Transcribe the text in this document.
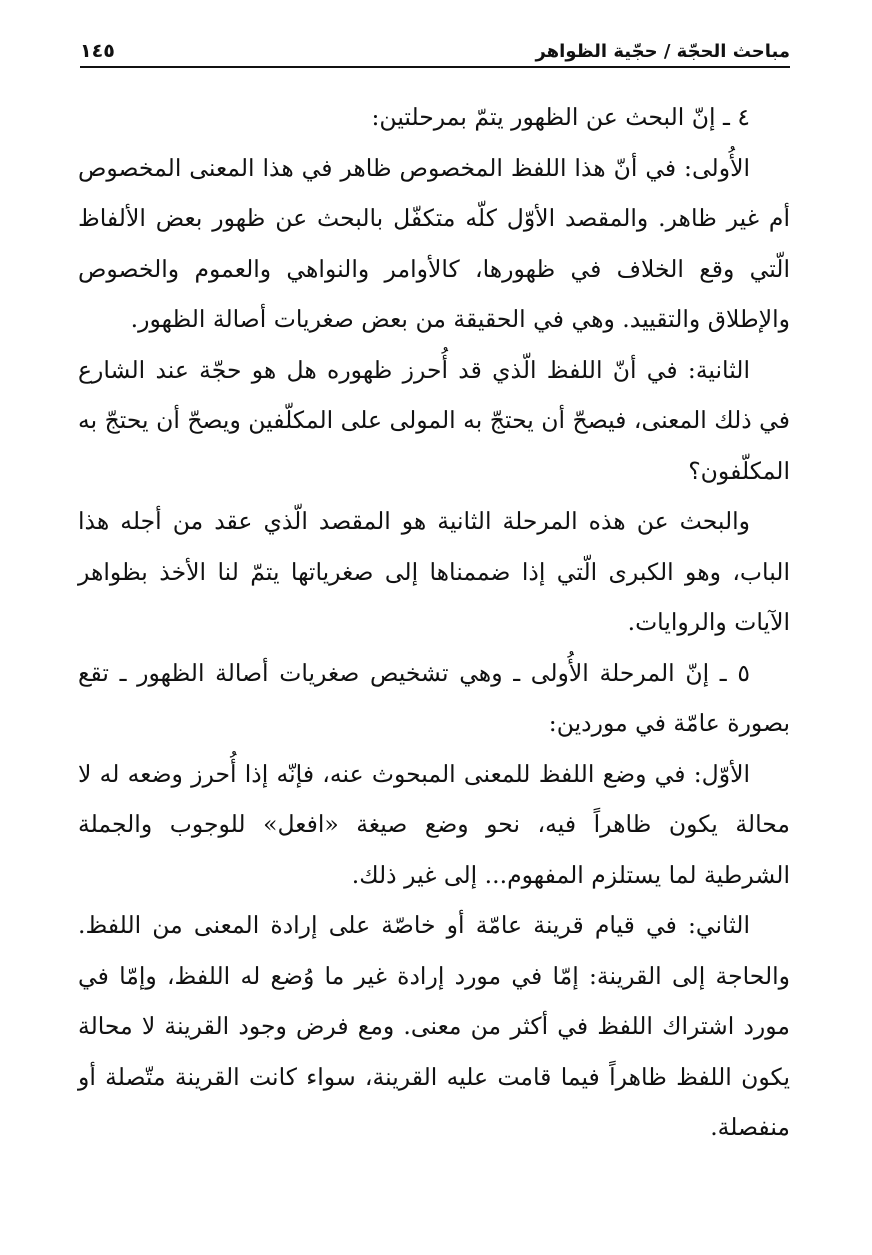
مباحث الحجّة / حجّية الظواهر
١٤٥

٤ ـ إنّ البحث عن الظهور يتمّ بمرحلتين:

الأُولى: في أنّ هذا اللفظ المخصوص ظاهر في هذا المعنى المخصوص أم غير ظاهر. والمقصد الأوّل كلّه متكفّل بالبحث عن ظهور بعض الألفاظ الّتي وقع الخلاف في ظهورها، كالأوامر والنواهي والعموم والخصوص والإطلاق والتقييد. وهي في الحقيقة من بعض صغريات أصالة الظهور.

الثانية: في أنّ اللفظ الّذي قد أُحرز ظهوره هل هو حجّة عند الشارع في ذلك المعنى، فيصحّ أن يحتجّ به المولى على المكلّفين ويصحّ أن يحتجّ به المكلّفون؟

والبحث عن هذه المرحلة الثانية هو المقصد الّذي عقد من أجله هذا الباب، وهو الكبرى الّتي إذا ضممناها إلى صغرياتها يتمّ لنا الأخذ بظواهر الآيات والروايات.

٥ ـ إنّ المرحلة الأُولى ـ وهي تشخيص صغريات أصالة الظهور ـ تقع بصورة عامّة في موردين:

الأوّل: في وضع اللفظ للمعنى المبحوث عنه، فإنّه إذا أُحرز وضعه له لا محالة يكون ظاهراً فيه، نحو وضع صيغة «افعل» للوجوب والجملة الشرطية لما يستلزم المفهوم... إلى غير ذلك.

الثاني: في قيام قرينة عامّة أو خاصّة على إرادة المعنى من اللفظ. والحاجة إلى القرينة: إمّا في مورد إرادة غير ما وُضع له اللفظ، وإمّا في مورد اشتراك اللفظ في أكثر من معنى. ومع فرض وجود القرينة لا محالة يكون اللفظ ظاهراً فيما قامت عليه القرينة، سواء كانت القرينة متّصلة أو منفصلة.
